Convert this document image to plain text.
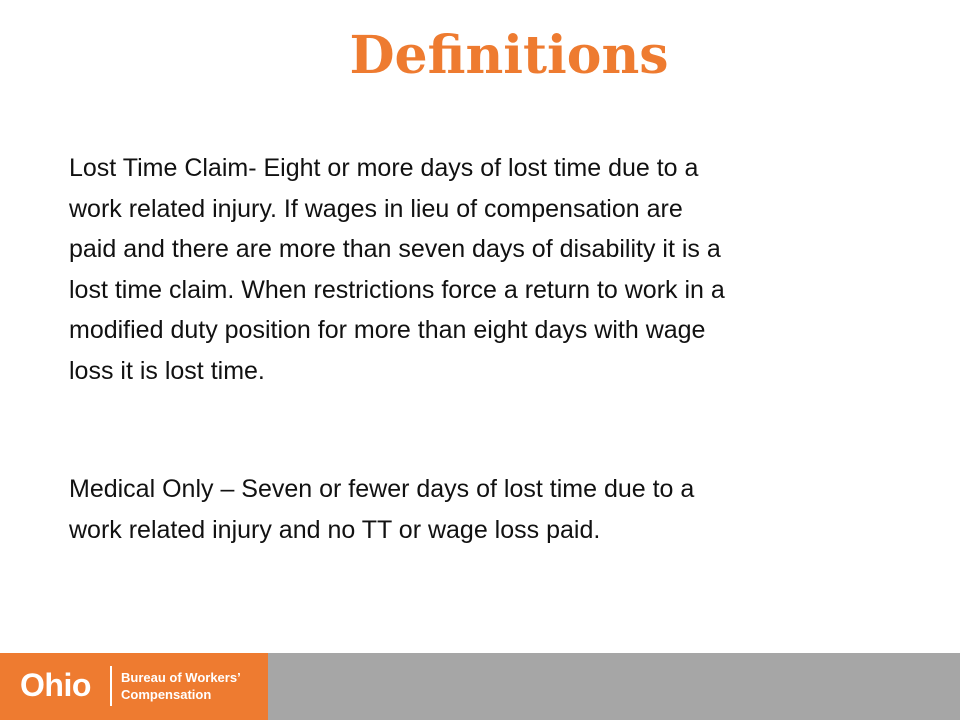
Definitions

Lost Time Claim- Eight or more days of lost time due to a
work related injury. If wages in lieu of compensation are
paid and there are more than seven days of disability it is a
lost time claim. When restrictions force a return to work in a
modified duty position for more than eight days with wage
loss it is lost time.

Medical Only – Seven or fewer days of lost time due to a
work related injury and no TT or wage loss paid.

Ohio Bureau of Workers’
Compensation
